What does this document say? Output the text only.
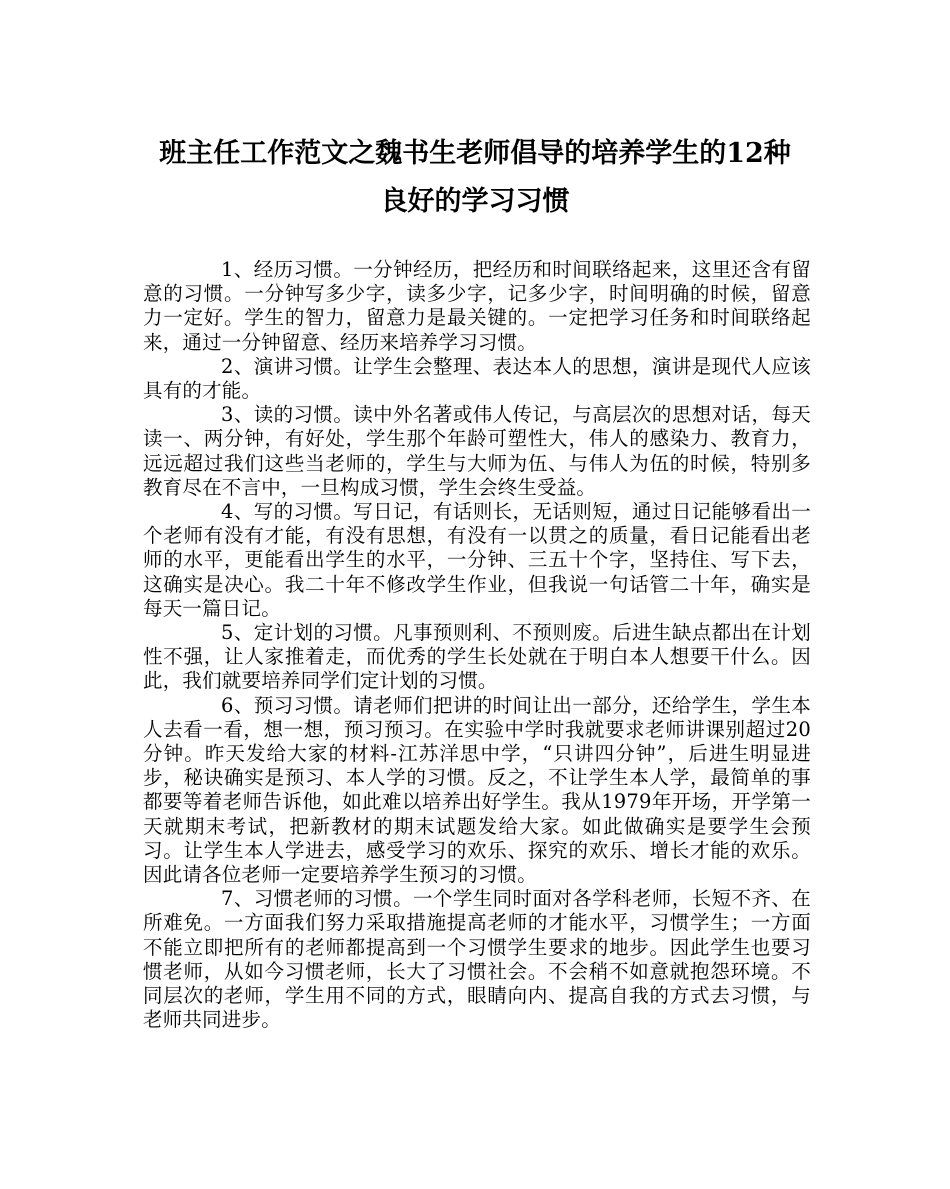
班主任工作范文之魏书生老师倡导的培养学生的12种
良好的学习习惯

1、经历习惯。一分钟经历，把经历和时间联络起来，这里还含有留意的习惯。一分钟写多少字，读多少字，记多少字，时间明确的时候，留意力一定好。学生的智力，留意力是最关键的。一定把学习任务和时间联络起来，通过一分钟留意、经历来培养学习习惯。

2、演讲习惯。让学生会整理、表达本人的思想，演讲是现代人应该具有的才能。

3、读的习惯。读中外名著或伟人传记，与高层次的思想对话，每天读一、两分钟，有好处，学生那个年龄可塑性大，伟人的感染力、教育力，远远超过我们这些当老师的，学生与大师为伍、与伟人为伍的时候，特别多教育尽在不言中，一旦构成习惯，学生会终生受益。

4、写的习惯。写日记，有话则长，无话则短，通过日记能够看出一个老师有没有才能，有没有思想，有没有一以贯之的质量，看日记能看出老师的水平，更能看出学生的水平，一分钟、三五十个字，坚持住、写下去，这确实是决心。我二十年不修改学生作业，但我说一句话管二十年，确实是每天一篇日记。

5、定计划的习惯。凡事预则利、不预则废。后进生缺点都出在计划性不强，让人家推着走，而优秀的学生长处就在于明白本人想要干什么。因此，我们就要培养同学们定计划的习惯。

6、预习习惯。请老师们把讲的时间让出一部分，还给学生，学生本人去看一看，想一想，预习预习。在实验中学时我就要求老师讲课别超过20分钟。昨天发给大家的材料-江苏洋思中学，“只讲四分钟”，后进生明显进步，秘诀确实是预习、本人学的习惯。反之，不让学生本人学，最简单的事都要等着老师告诉他，如此难以培养出好学生。我从1979年开场，开学第一天就期末考试，把新教材的期末试题发给大家。如此做确实是要学生会预习。让学生本人学进去，感受学习的欢乐、探究的欢乐、增长才能的欢乐。因此请各位老师一定要培养学生预习的习惯。

7、习惯老师的习惯。一个学生同时面对各学科老师，长短不齐、在所难免。一方面我们努力采取措施提高老师的才能水平，习惯学生；一方面不能立即把所有的老师都提高到一个习惯学生要求的地步。因此学生也要习惯老师，从如今习惯老师，长大了习惯社会。不会稍不如意就抱怨环境。不同层次的老师，学生用不同的方式，眼睛向内、提高自我的方式去习惯，与老师共同进步。
